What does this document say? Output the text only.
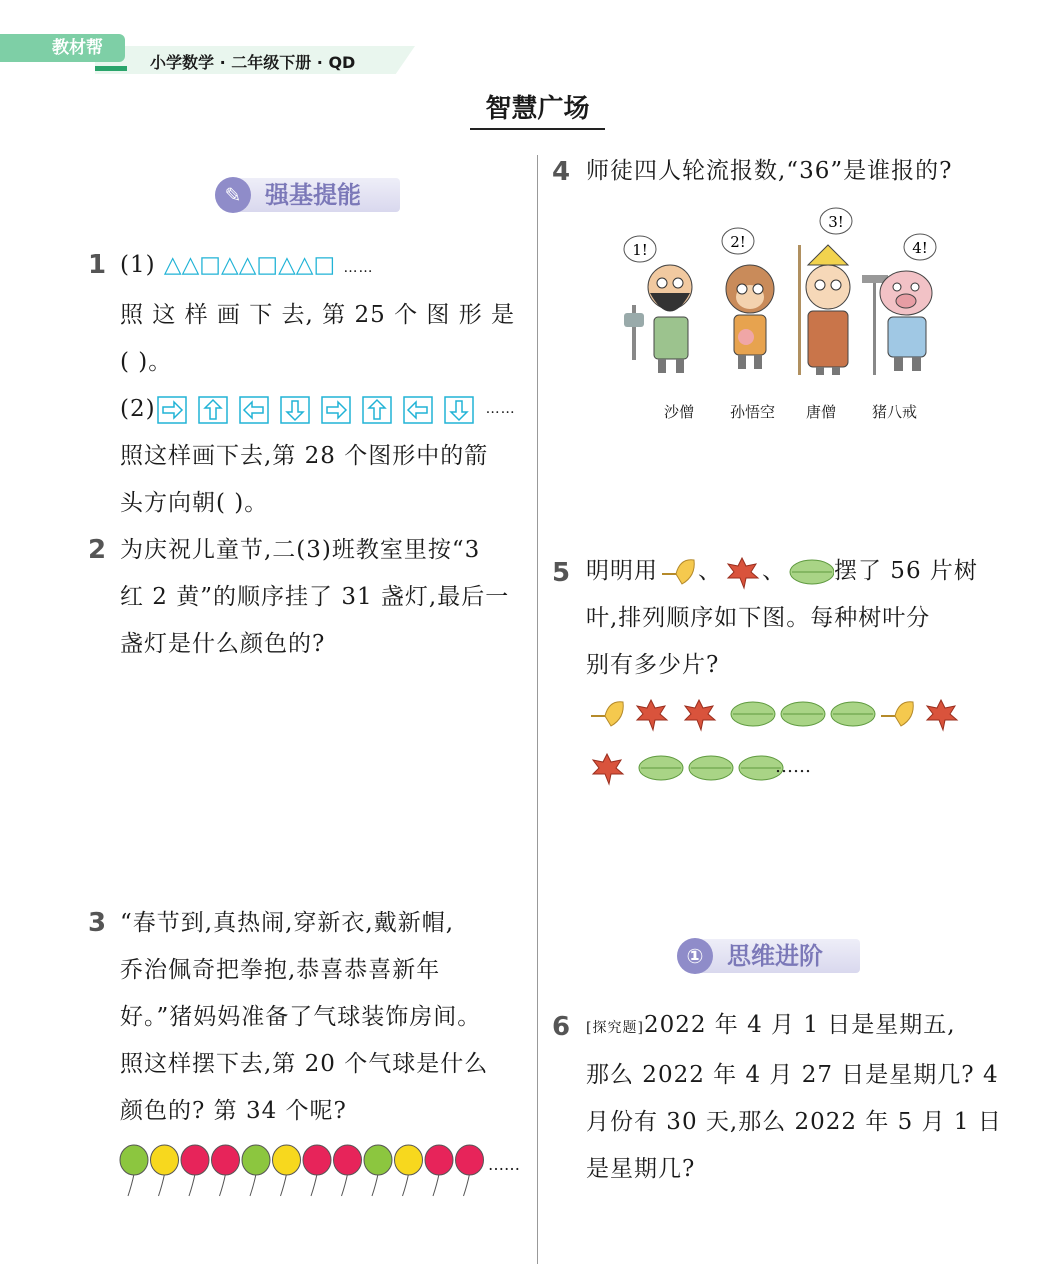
教材帮
小学数学 · 二年级下册 · QD
智慧广场
✎ 强基提能
1 (1) △△□△△□△△□ ……
照 这 样 画 下 去, 第 25 个 图 形 是
( )。
(2)	……
照这样画下去,第 28 个图形中的箭
头方向朝( )。
2 为庆祝儿童节,二(3)班教室里按“3
红 2 黄”的顺序挂了 31 盏灯,最后一
盏灯是什么颜色的?
3 “春节到,真热闹,穿新衣,戴新帽,
乔治佩奇把拳抱,恭喜恭喜新年
好。”猪妈妈准备了气球装饰房间。
照这样摆下去,第 20 个气球是什么
颜色的? 第 34 个呢?
……
4 师徒四人轮流报数,“36”是谁报的?
1!	2!
3!
4!
沙僧 孙悟空 唐僧 猪八戒
5 明明用 、 、 摆了 56 片树
叶,排列顺序如下图。每种树叶分
别有多少片?
……
① 思维进阶
6 [探究题]2022 年 4 月 1 日是星期五,
那么 2022 年 4 月 27 日是星期几? 4
月份有 30 天,那么 2022 年 5 月 1 日
是星期几?
